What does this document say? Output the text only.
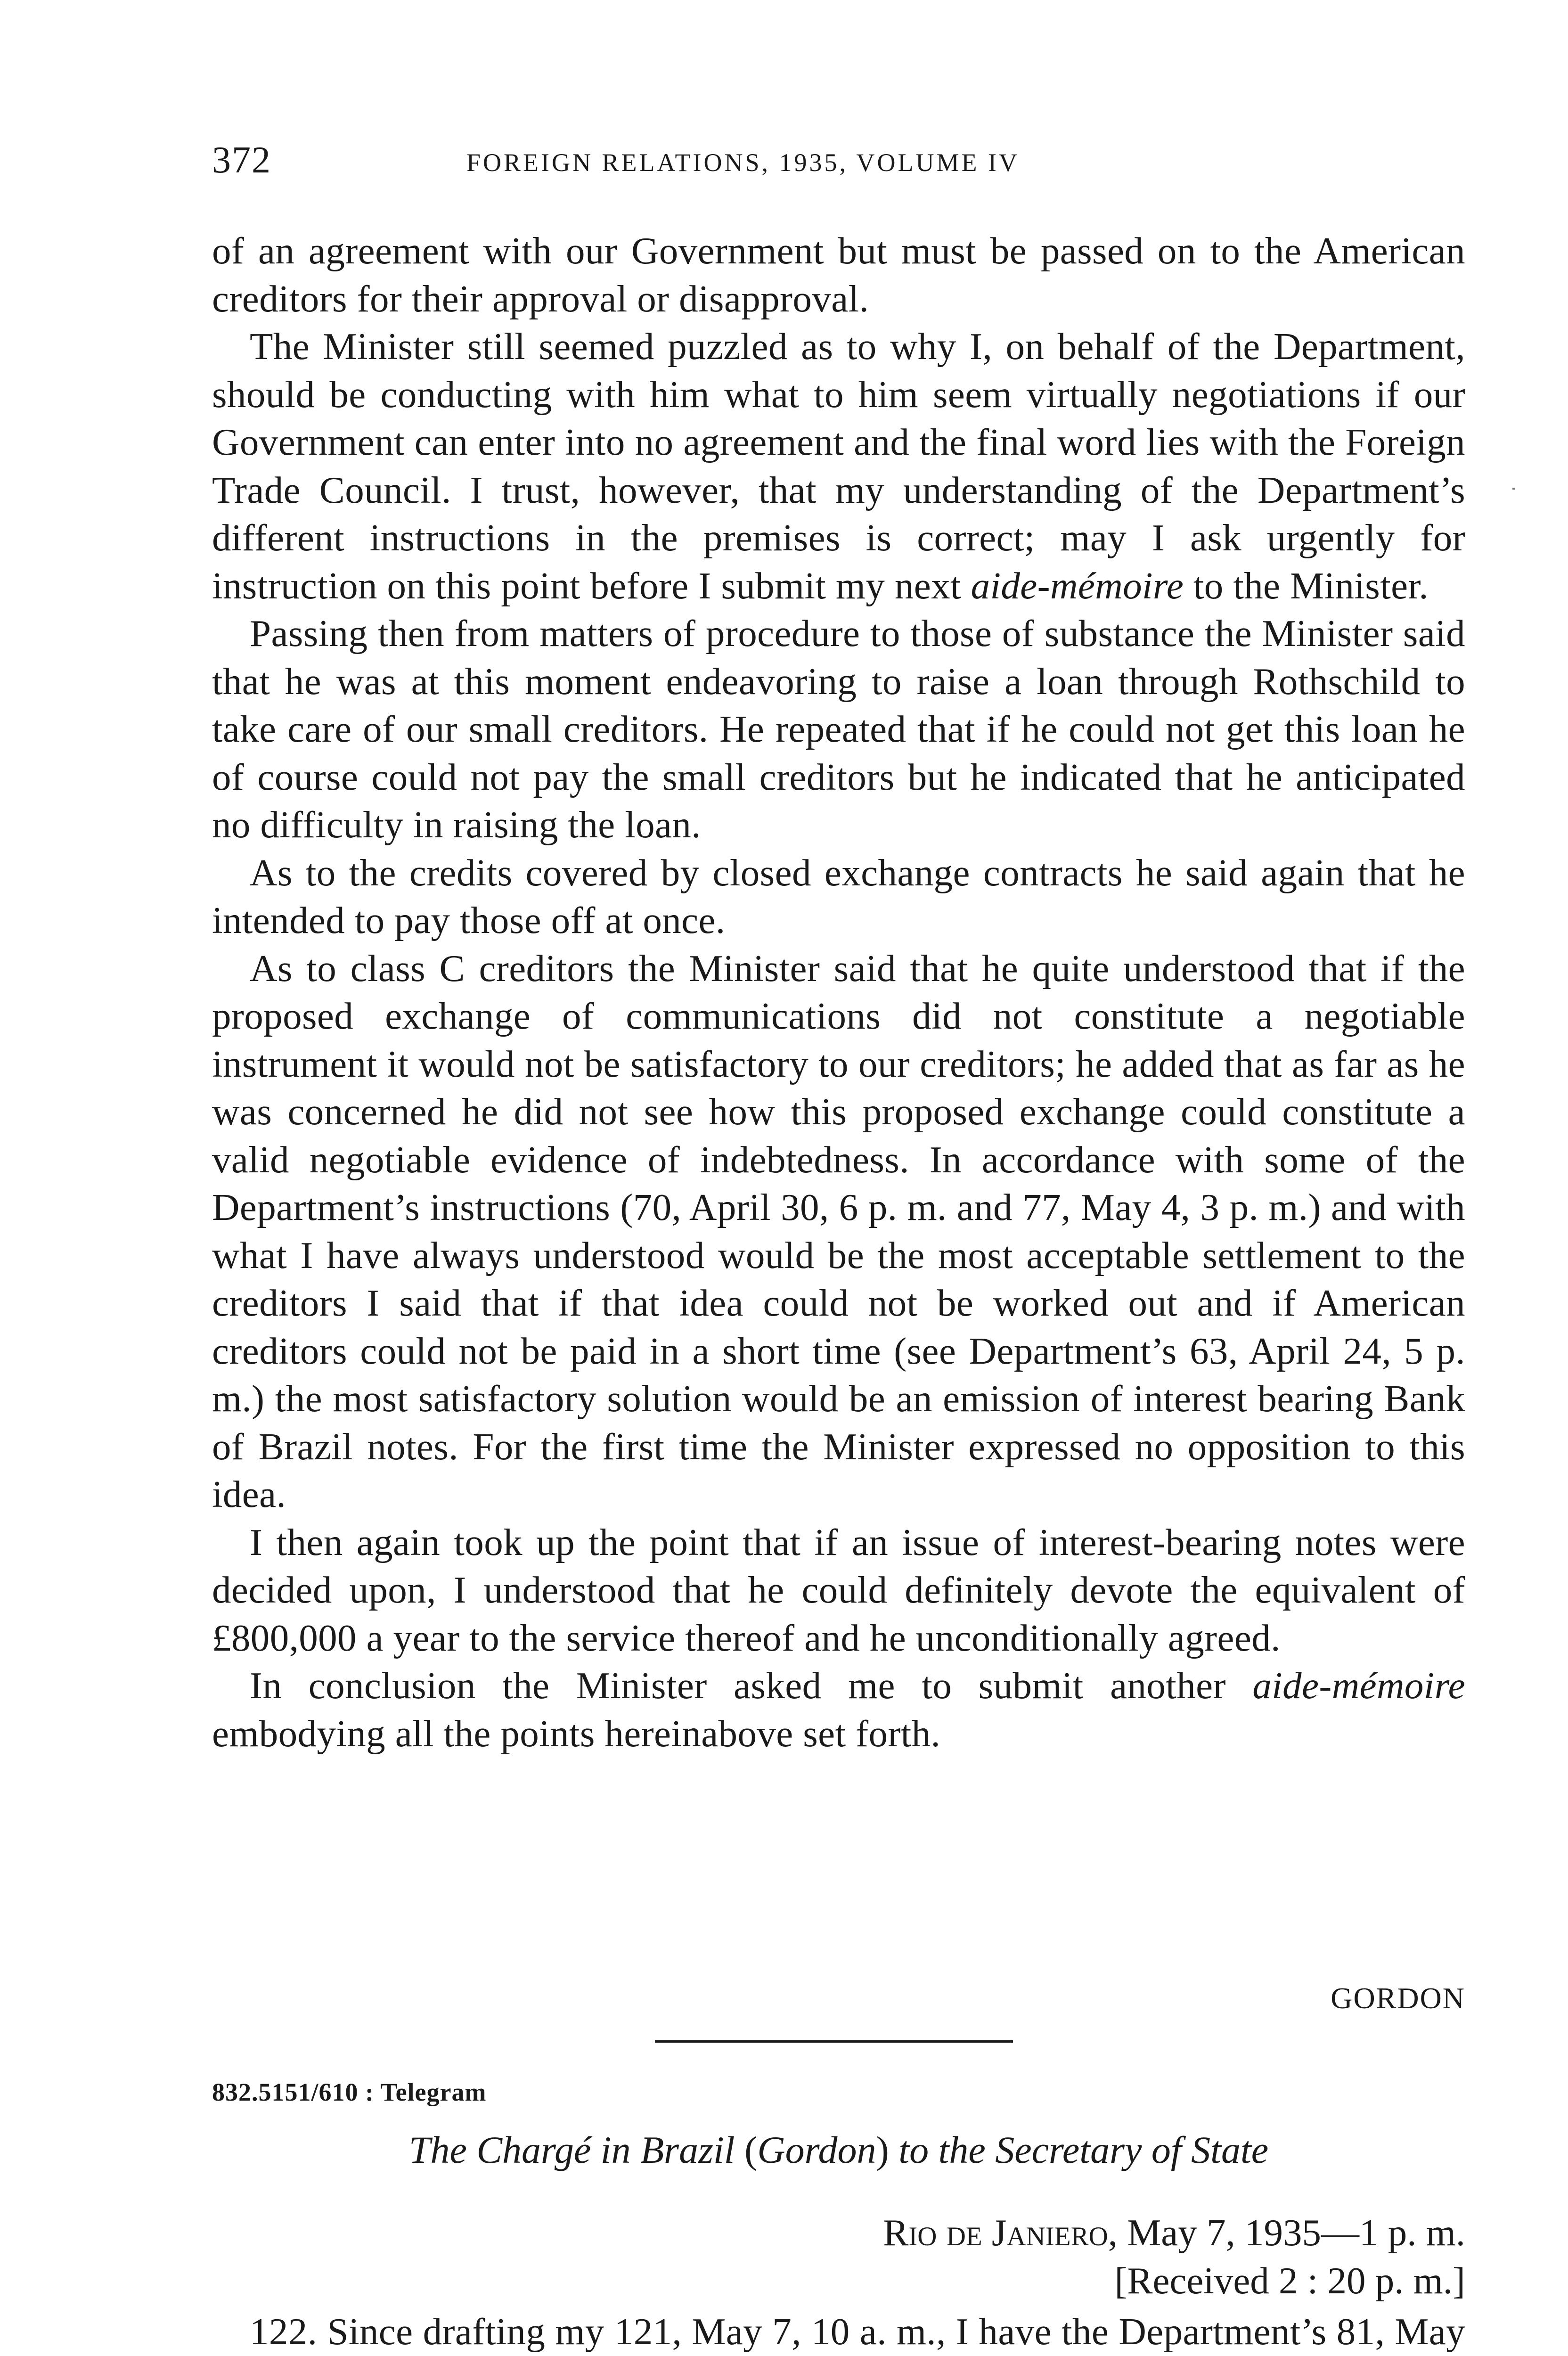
372	FOREIGN RELATIONS, 1935, VOLUME IV

of an agreement with our Government but must be passed on to the American creditors for their approval or disapproval.

The Minister still seemed puzzled as to why I, on behalf of the Department, should be conducting with him what to him seem virtually negotiations if our Government can enter into no agreement and the final word lies with the Foreign Trade Council. I trust, however, that my understanding of the Department’s different instructions in the premises is correct; may I ask urgently for instruction on this point before I submit my next aide-mémoire to the Minister.

Passing then from matters of procedure to those of substance the Minister said that he was at this moment endeavoring to raise a loan through Rothschild to take care of our small creditors. He repeated that if he could not get this loan he of course could not pay the small creditors but he indicated that he anticipated no difficulty in raising the loan.

As to the credits covered by closed exchange contracts he said again that he intended to pay those off at once.

As to class C creditors the Minister said that he quite understood that if the proposed exchange of communications did not constitute a negotiable instrument it would not be satisfactory to our creditors; he added that as far as he was concerned he did not see how this proposed exchange could constitute a valid negotiable evidence of indebtedness. In accordance with some of the Department’s instructions (70, April 30, 6 p. m. and 77, May 4, 3 p. m.) and with what I have always understood would be the most acceptable settlement to the creditors I said that if that idea could not be worked out and if American creditors could not be paid in a short time (see Department’s 63, April 24, 5 p. m.) the most satisfactory solution would be an emission of interest bearing Bank of Brazil notes. For the first time the Minister expressed no opposition to this idea.

I then again took up the point that if an issue of interest-bearing notes were decided upon, I understood that he could definitely devote the equivalent of £800,000 a year to the service thereof and he unconditionally agreed.

In conclusion the Minister asked me to submit another aide-mémoire embodying all the points hereinabove set forth.

GORDON
832.5151/610 : Telegram
The Chargé in Brazil (Gordon) to the Secretary of State
Rio de Janiero, May 7, 1935—1 p. m.
[Received 2 : 20 p. m.]

122. Since drafting my 121, May 7, 10 a. m., I have the Department’s 81, May
